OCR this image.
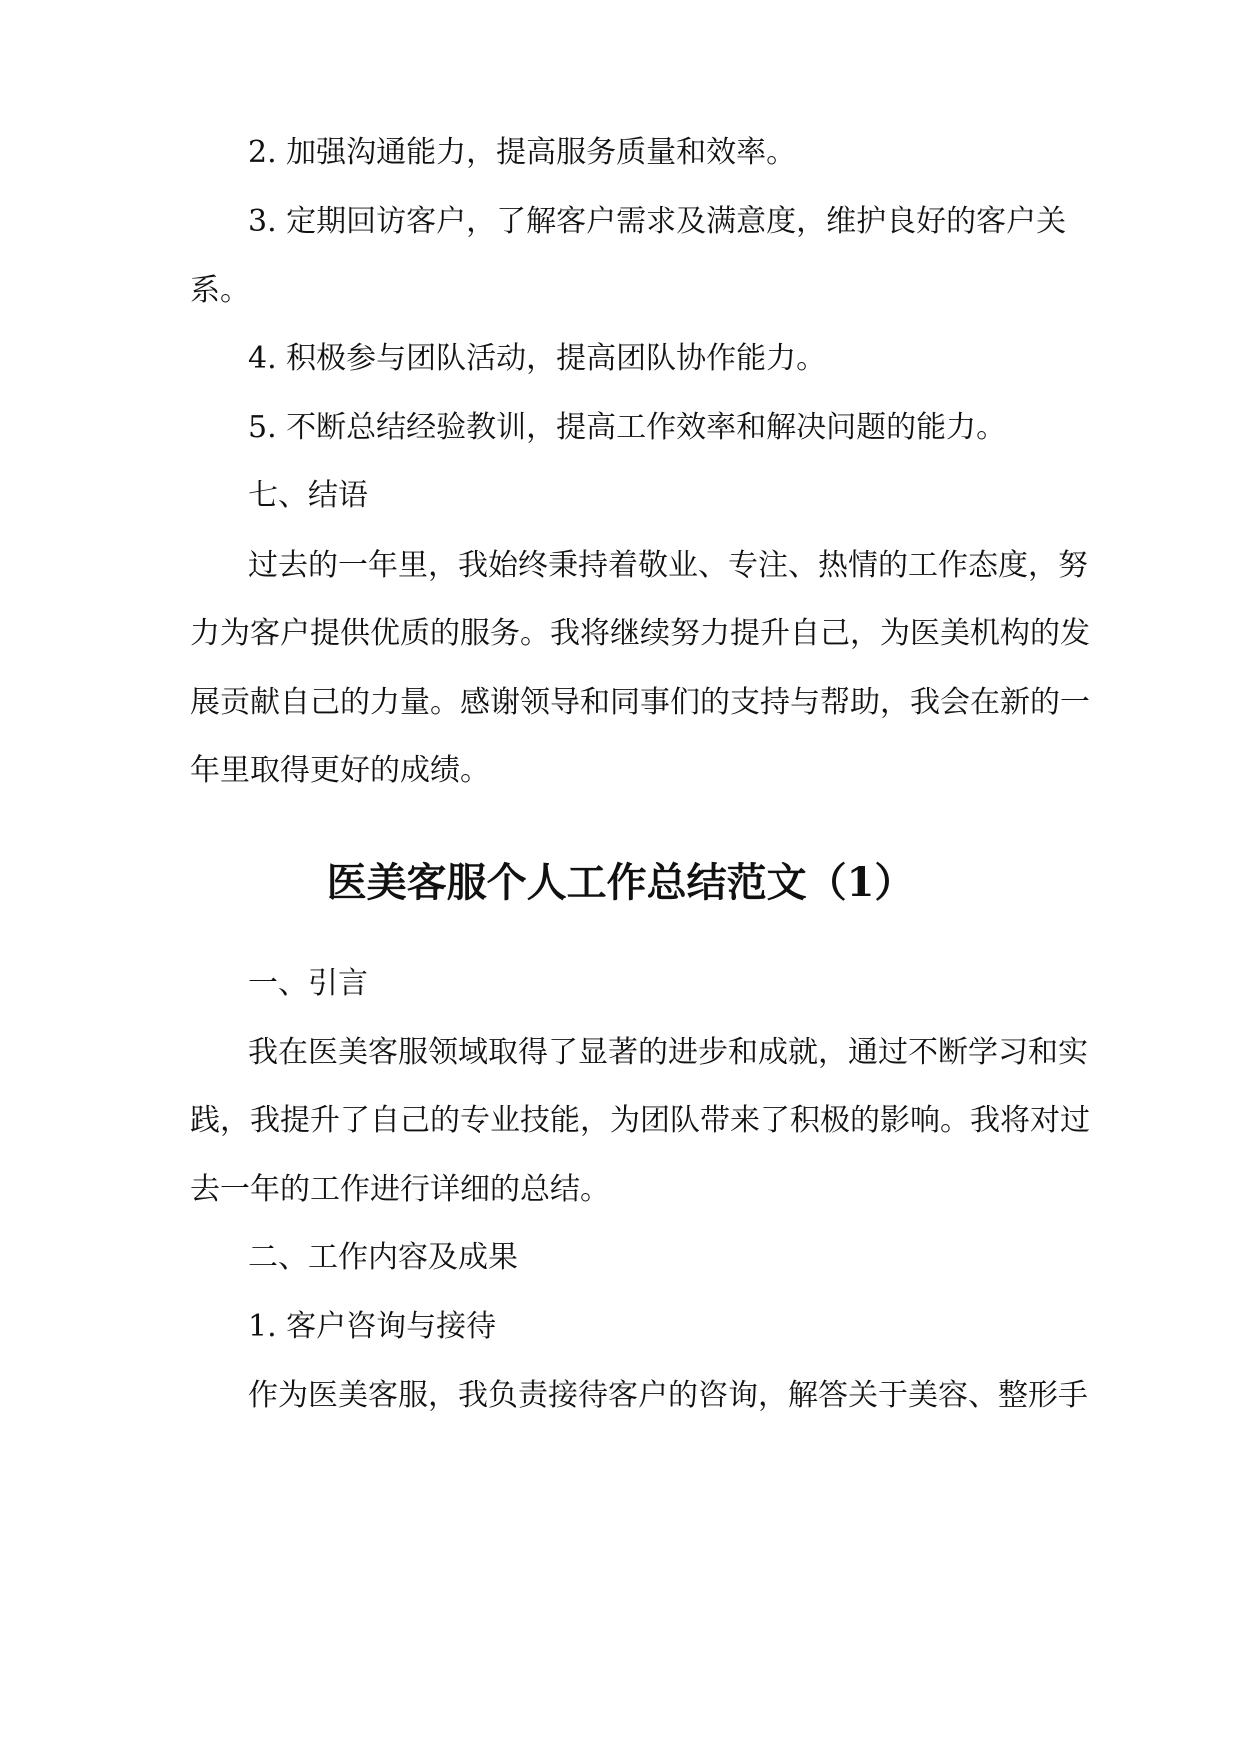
2. 加强沟通能力，提高服务质量和效率。
3. 定期回访客户，了解客户需求及满意度，维护良好的客户关
系。
4. 积极参与团队活动，提高团队协作能力。
5. 不断总结经验教训，提高工作效率和解决问题的能力。
七、结语
过去的一年里，我始终秉持着敬业、专注、热情的工作态度，努
力为客户提供优质的服务。我将继续努力提升自己，为医美机构的发
展贡献自己的力量。感谢领导和同事们的支持与帮助，我会在新的一
年里取得更好的成绩。
医美客服个人工作总结范文（1）
一、引言
我在医美客服领域取得了显著的进步和成就，通过不断学习和实
践，我提升了自己的专业技能，为团队带来了积极的影响。我将对过
去一年的工作进行详细的总结。
二、工作内容及成果
1. 客户咨询与接待
作为医美客服，我负责接待客户的咨询，解答关于美容、整形手
